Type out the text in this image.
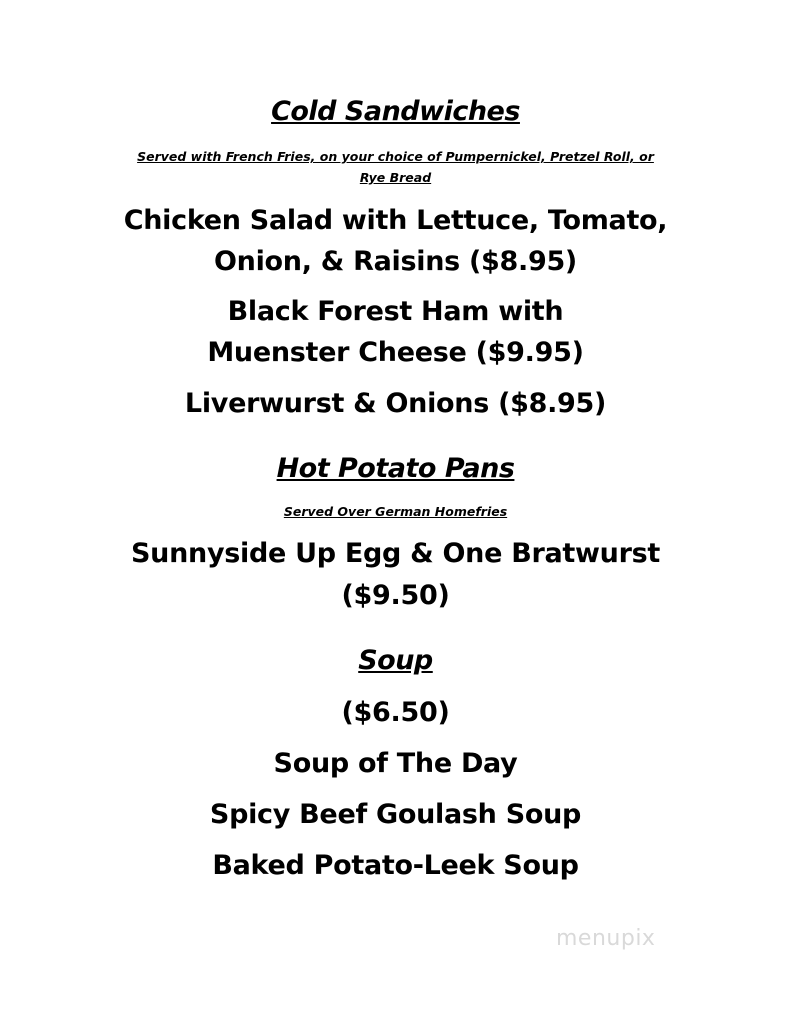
Cold Sandwiches
Served with French Fries, on your choice of Pumpernickel, Pretzel Roll, or
Rye Bread
Chicken Salad with Lettuce, Tomato,
Onion, & Raisins ($8.95)
Black Forest Ham with
Muenster Cheese ($9.95)
Liverwurst & Onions ($8.95)
Hot Potato Pans
Served Over German Homefries
Sunnyside Up Egg & One Bratwurst
($9.50)
Soup
($6.50)
Soup of The Day
Spicy Beef Goulash Soup
Baked Potato-Leek Soup
menupix
